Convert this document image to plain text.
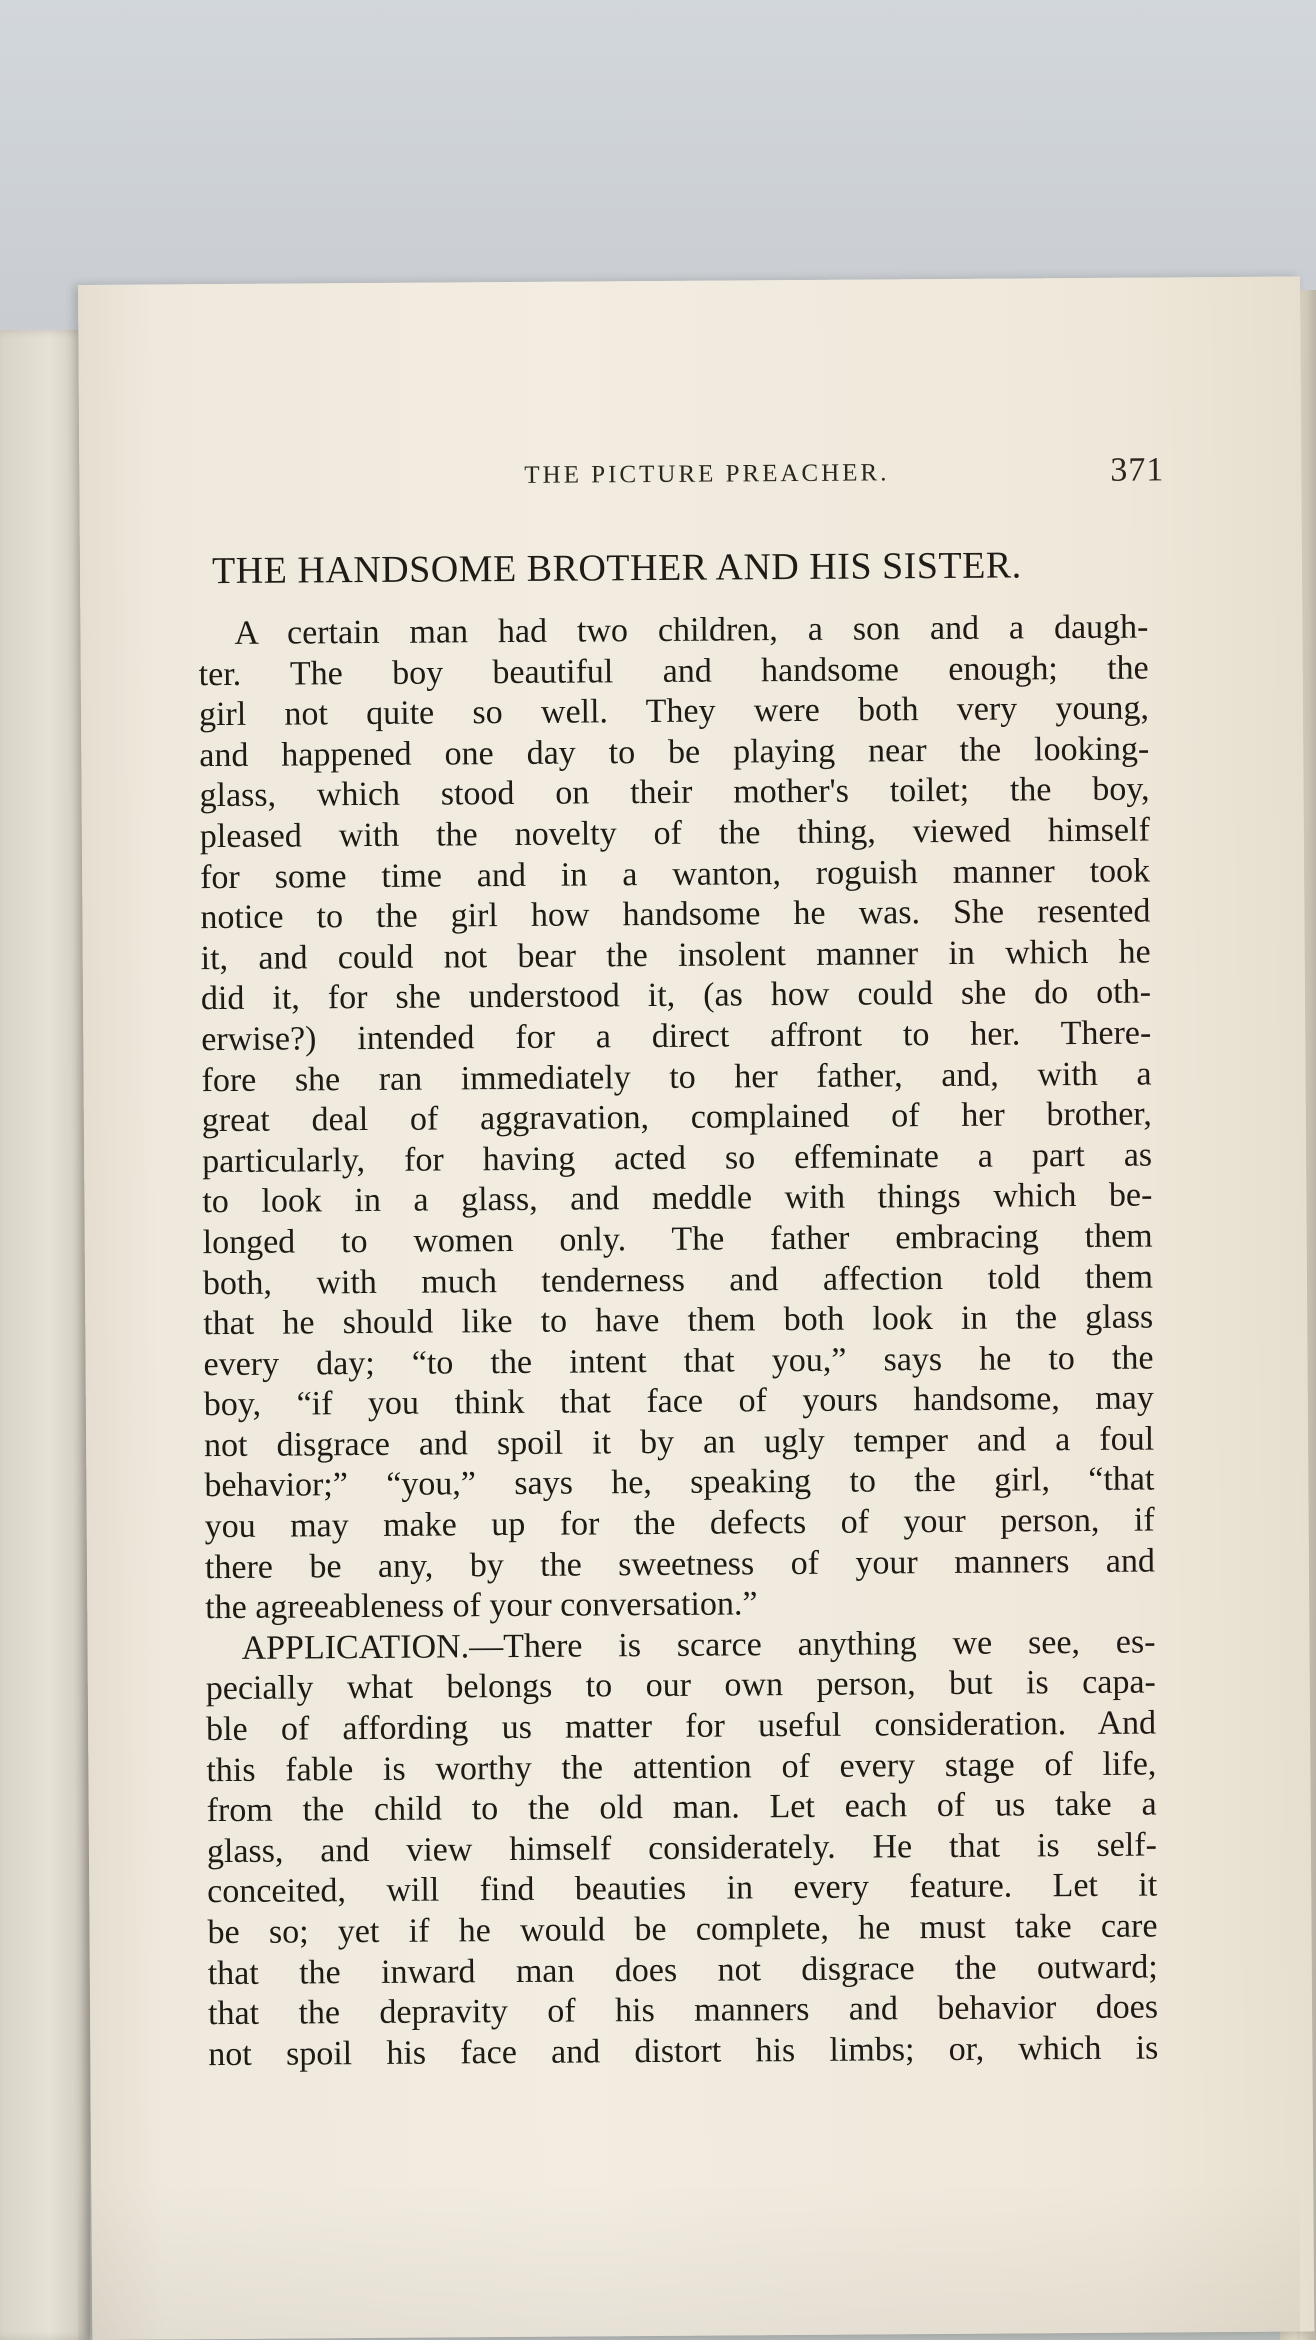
THE PICTURE PREACHER.	371
THE HANDSOME BROTHER AND HIS SISTER.
A certain man had two children, a son and a daugh-
ter. The boy beautiful and handsome enough; the
girl not quite so well. They were both very young,
and happened one day to be playing near the looking-
glass, which stood on their mother's toilet; the boy,
pleased with the novelty of the thing, viewed himself
for some time and in a wanton, roguish manner took
notice to the girl how handsome he was. She resented
it, and could not bear the insolent manner in which he
did it, for she understood it, (as how could she do oth-
erwise?) intended for a direct affront to her. There-
fore she ran immediately to her father, and, with a
great deal of aggravation, complained of her brother,
particularly, for having acted so effeminate a part as
to look in a glass, and meddle with things which be-
longed to women only. The father embracing them
both, with much tenderness and affection told them
that he should like to have them both look in the glass
every day; “to the intent that you,” says he to the
boy, “if you think that face of yours handsome, may
not disgrace and spoil it by an ugly temper and a foul
behavior;” “you,” says he, speaking to the girl, “that
you may make up for the defects of your person, if
there be any, by the sweetness of your manners and
the agreeableness of your conversation.”
APPLICATION.—There is scarce anything we see, es-
pecially what belongs to our own person, but is capa-
ble of affording us matter for useful consideration. And
this fable is worthy the attention of every stage of life,
from the child to the old man. Let each of us take a
glass, and view himself considerately. He that is self-
conceited, will find beauties in every feature. Let it
be so; yet if he would be complete, he must take care
that the inward man does not disgrace the outward;
that the depravity of his manners and behavior does
not spoil his face and distort his limbs; or, which is
